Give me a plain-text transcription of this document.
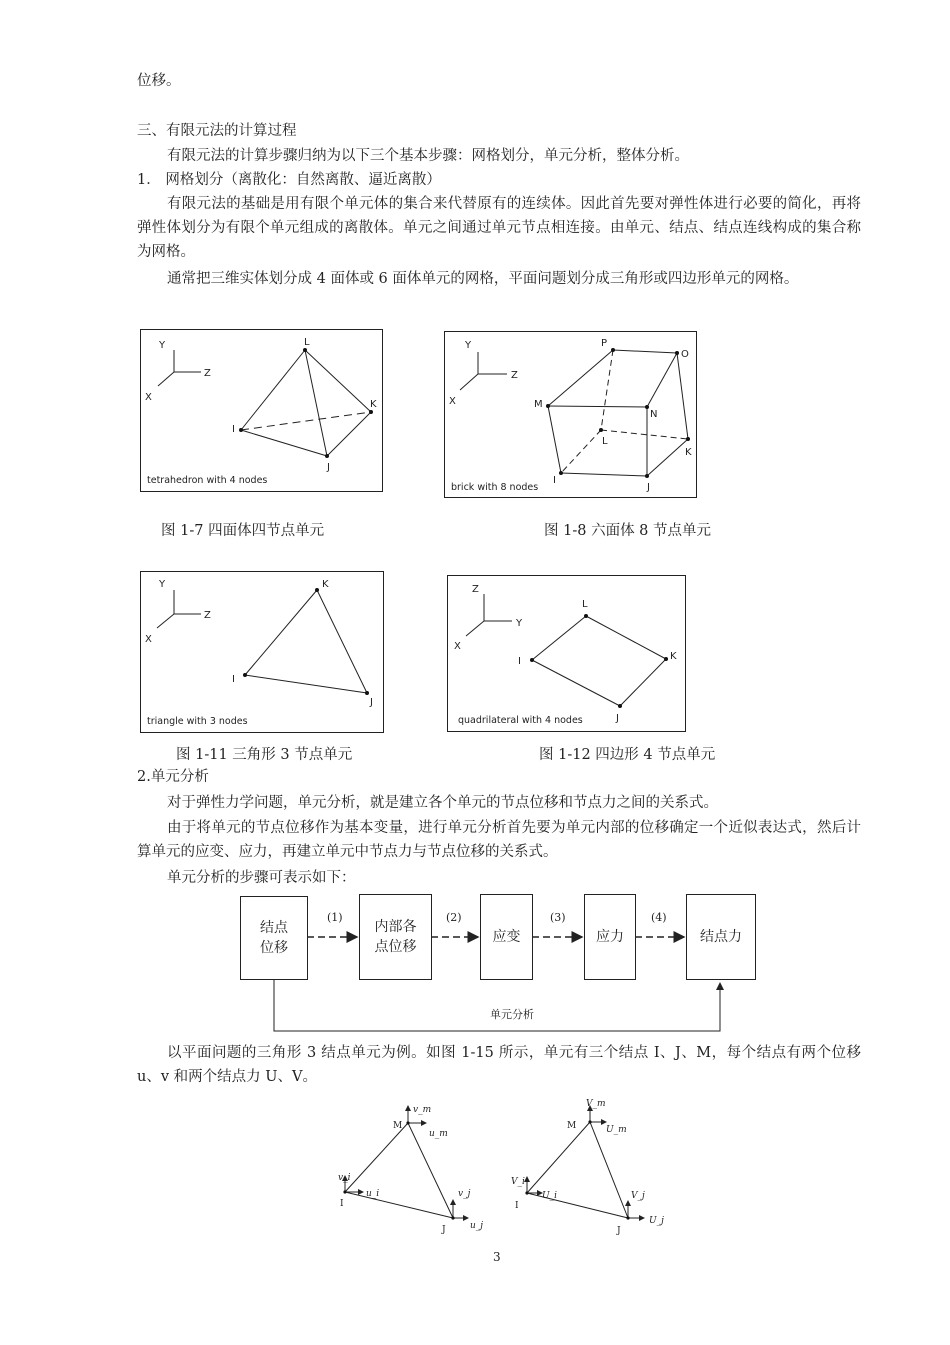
位移。
三、有限元法的计算过程
有限元法的计算步骤归纳为以下三个基本步骤：网格划分，单元分析，整体分析。
1． 网格划分（离散化：自然离散、逼近离散）
有限元法的基础是用有限个单元体的集合来代替原有的连续体。因此首先要对弹性体进行必要的简化，再将弹性体划分为有限个单元组成的离散体。单元之间通过单元节点相连接。由单元、结点、结点连线构成的集合称为网格。
通常把三维实体划分成 4 面体或 6 面体单元的网格，平面问题划分成三角形或四边形单元的网格。
Y
Z
X
L
K
I
J
tetrahedron with 4 nodes
Y
Z
X
P
O
M
N
L
K
I
J
brick with 8 nodes
图 1-7 四面体四节点单元	图 1-8 六面体 8 节点单元
Y
Z
X
K
I
J
triangle with 3 nodes
Z
Y
X
L
I	K
J
quadrilateral with 4 nodes
图 1-11 三角形 3 节点单元	图 1-12 四边形 4 节点单元
2.单元分析
对于弹性力学问题，单元分析，就是建立各个单元的节点位移和节点力之间的关系式。
由于将单元的节点位移作为基本变量，进行单元分析首先要为单元内部的位移确定一个近似表达式，然后计算单元的应变、应力，再建立单元中节点力与节点位移的关系式。
单元分析的步骤可表示如下：
结点
位移
内部各
点位移
应变	应力	结点力
(1)	(2)	(3)	(4)
单元分析
以平面问题的三角形 3 结点单元为例。如图 1-15 所示，单元有三个结点 I、J、M，每个结点有两个位移 u、v 和两个结点力 U、V。
M
I
J
v_m
u_m
v_i
u_i	v_j
u_j
M
I
J
V_m
U_m
V_i
U_i	V_j
U_j
3
